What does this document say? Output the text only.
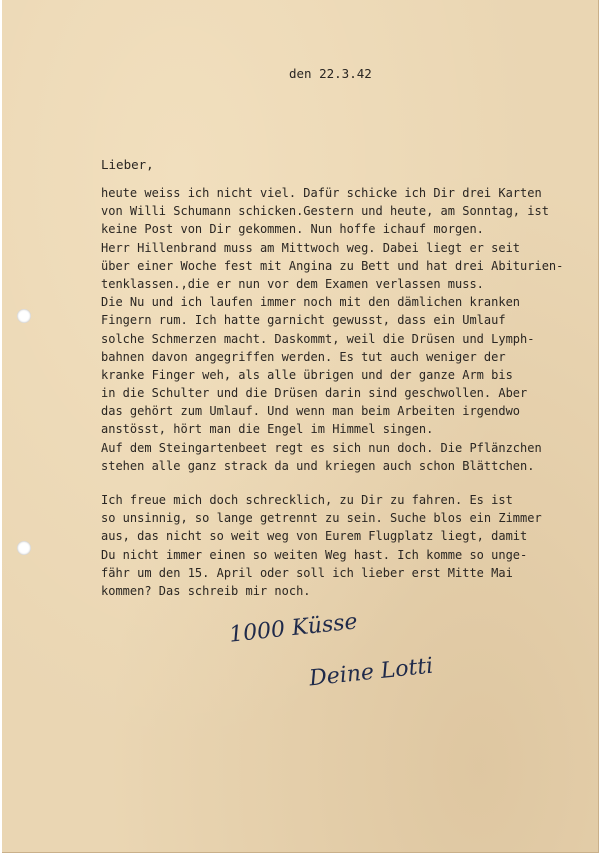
den 22.3.42
Lieber,
heute weiss ich nicht viel. Dafür schicke ich Dir drei Karten
von Willi Schumann schicken.Gestern und heute, am Sonntag, ist
keine Post von Dir gekommen. Nun hoffe ichauf morgen.
Herr Hillenbrand muss am Mittwoch weg. Dabei liegt er seit
über einer Woche fest mit Angina zu Bett und hat drei Abiturien-
tenklassen.,die er nun vor dem Examen verlassen muss.
Die Nu und ich laufen immer noch mit den dämlichen kranken
Fingern rum. Ich hatte garnicht gewusst, dass ein Umlauf
solche Schmerzen macht. Daskommt, weil die Drüsen und Lymph-
bahnen davon angegriffen werden. Es tut auch weniger der
kranke Finger weh, als alle übrigen und der ganze Arm bis
in die Schulter und die Drüsen darin sind geschwollen. Aber
das gehört zum Umlauf. Und wenn man beim Arbeiten irgendwo
anstösst, hört man die Engel im Himmel singen.
Auf dem Steingartenbeet regt es sich nun doch. Die Pflänzchen
stehen alle ganz strack da und kriegen auch schon Blättchen.
Ich freue mich doch schrecklich, zu Dir zu fahren. Es ist
so unsinnig, so lange getrennt zu sein. Suche blos ein Zimmer
aus, das nicht so weit weg von Eurem Flugplatz liegt, damit
Du nicht immer einen so weiten Weg hast. Ich komme so unge-
fähr um den 15. April oder soll ich lieber erst Mitte Mai
kommen? Das schreib mir noch.
1000 Küsse
Deine Lotti
